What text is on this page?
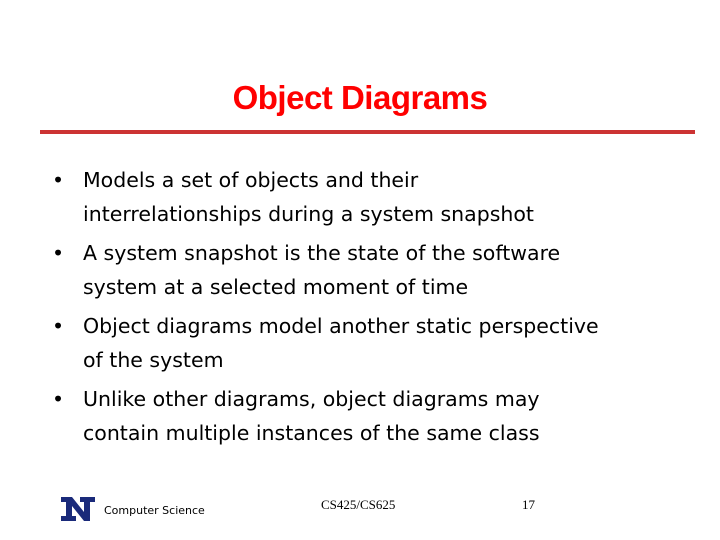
Object Diagrams
• Models a set of objects and their
interrelationships during a system snapshot
• A system snapshot is the state of the software
system at a selected moment of time
• Object diagrams model another static perspective
of the system
• Unlike other diagrams, object diagrams may
contain multiple instances of the same class
Computer Science	CS425/CS625	17
